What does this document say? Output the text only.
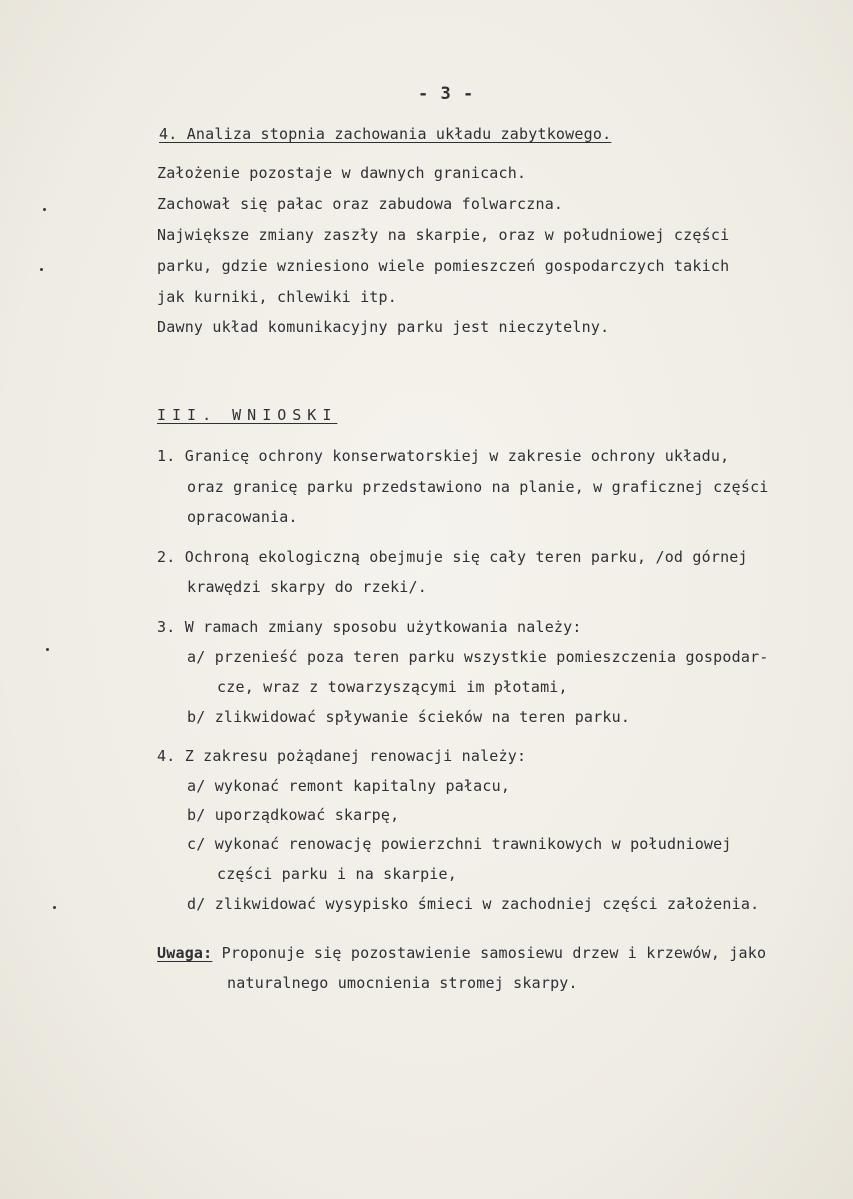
- 3 -
4. Analiza stopnia zachowania układu zabytkowego.
Założenie pozostaje w dawnych granicach.
Zachował się pałac oraz zabudowa folwarczna.
Największe zmiany zaszły na skarpie, oraz w południowej części
parku, gdzie wzniesiono wiele pomieszczeń gospodarczych takich
jak kurniki, chlewiki itp.
Dawny układ komunikacyjny parku jest nieczytelny.
III. WNIOSKI
1. Granicę ochrony konserwatorskiej w zakresie ochrony układu,
oraz granicę parku przedstawiono na planie, w graficznej części
opracowania.
2. Ochroną ekologiczną obejmuje się cały teren parku, /od górnej
krawędzi skarpy do rzeki/.
3. W ramach zmiany sposobu użytkowania należy:
a/ przenieść poza teren parku wszystkie pomieszczenia gospodar-
cze, wraz z towarzyszącymi im płotami,
b/ zlikwidować spływanie ścieków na teren parku.
4. Z zakresu pożądanej renowacji należy:
a/ wykonać remont kapitalny pałacu,
b/ uporządkować skarpę,
c/ wykonać renowację powierzchni trawnikowych w południowej
części parku i na skarpie,
d/ zlikwidować wysypisko śmieci w zachodniej części założenia.
Uwaga: Proponuje się pozostawienie samosiewu drzew i krzewów, jako
naturalnego umocnienia stromej skarpy.
